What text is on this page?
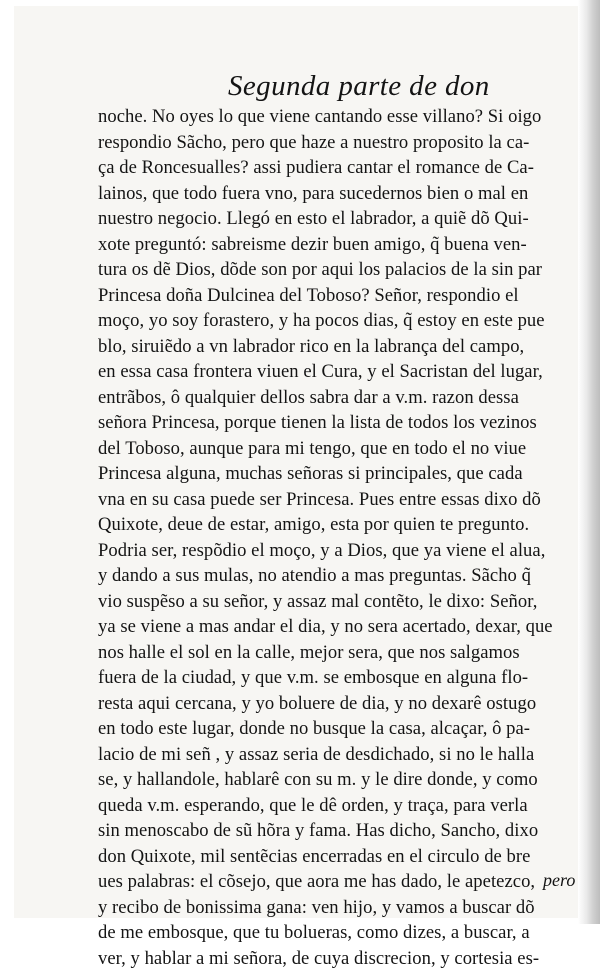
Segunda parte de don
noche. No oyes lo que viene cantando esse villano? Si oigo
respondio Sãcho, pero que haze a nuestro proposito la ca-
ça de Roncesualles? assi pudiera cantar el romance de Ca-
lainos, que todo fuera vno, para sucedernos bien o mal en
nuestro negocio. Llegó en esto el labrador, a quiẽ dõ Qui-
xote preguntó: sabreisme dezir buen amigo, q̃ buena ven-
tura os dẽ Dios, dõde son por aqui los palacios de la sin par
Princesa doña Dulcinea del Toboso? Señor, respondio el
moço, yo soy forastero, y ha pocos dias, q̃ estoy en este pue
blo, siruiẽdo a vn labrador rico en la labrança del campo,
en essa casa frontera viuen el Cura, y el Sacristan del lugar,
entrãbos, ô qualquier dellos sabra dar a v.m. razon dessa
señora Princesa, porque tienen la lista de todos los vezinos
del Toboso, aunque para mi tengo, que en todo el no viue
Princesa alguna, muchas señoras si principales, que cada
vna en su casa puede ser Princesa. Pues entre essas dixo dõ
Quixote, deue de estar, amigo, esta por quien te pregunto.
Podria ser, respõdio el moço, y a Dios, que ya viene el alua,
y dando a sus mulas, no atendio a mas preguntas. Sãcho q̃
vio suspẽso a su señor, y assaz mal contẽto, le dixo: Señor,
ya se viene a mas andar el dia, y no sera acertado, dexar, que
nos halle el sol en la calle, mejor sera, que nos salgamos
fuera de la ciudad, y que v.m. se embosque en alguna flo-
resta aqui cercana, y yo boluere de dia, y no dexarê ostugo
en todo este lugar, donde no busque la casa, alcaçar, ô pa-
lacio de mi señ , y assaz seria de desdichado, si no le halla
se, y hallandole, hablarê con su m. y le dire donde, y como
queda v.m. esperando, que le dê orden, y traça, para verla
sin menoscabo de sũ hõra y fama. Has dicho, Sancho, dixo
don Quixote, mil sentẽcias encerradas en el circulo de bre
ues palabras: el cõsejo, que aora me has dado, le apetezco,
y recibo de bonissima gana: ven hijo, y vamos a buscar dõ
de me embosque, que tu bolueras, como dizes, a buscar, a
ver, y hablar a mi señora, de cuya discrecion, y cortesia es-
pero
